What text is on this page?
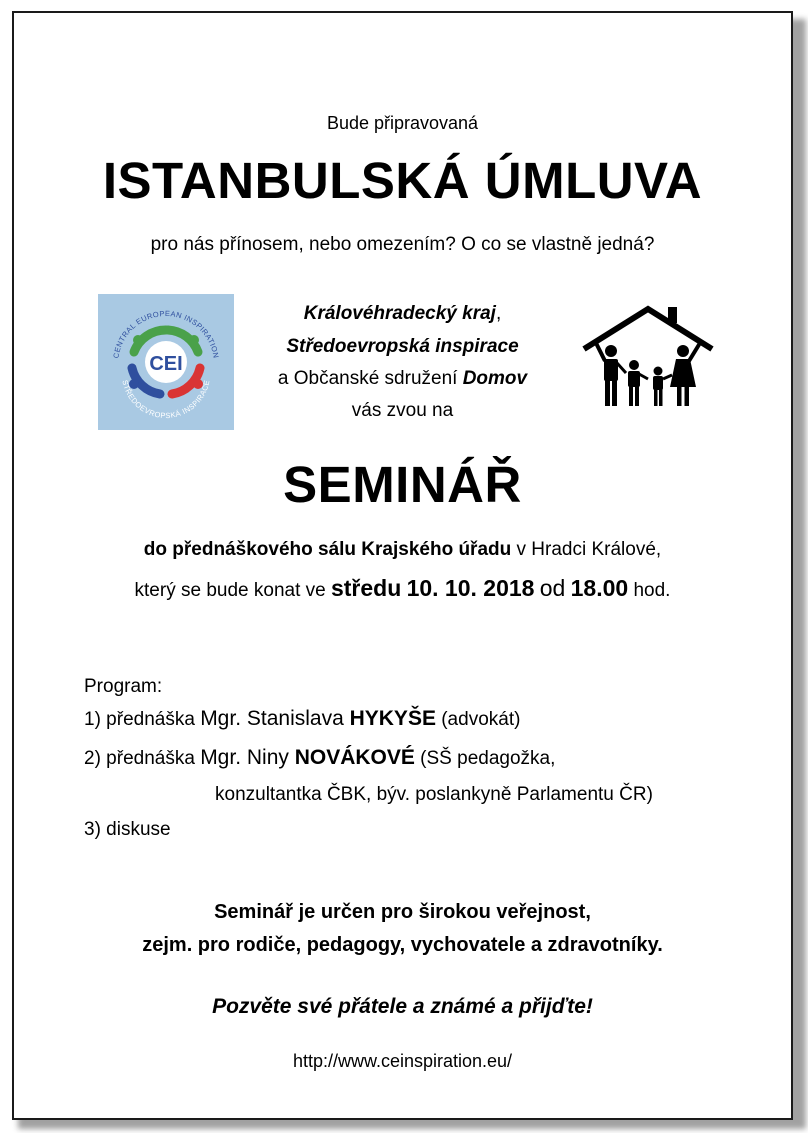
Bude připravovaná
ISTANBULSKÁ ÚMLUVA
pro nás přínosem, nebo omezením? O co se vlastně jedná?
CEI
CENTRAL EUROPEAN INSPIRATION
STŘEDOEVROPSKÁ INSPIRACE
Královéhradecký kraj,
Středoevropská inspirace
a Občanské sdružení Domov
vás zvou na
SEMINÁŘ
do přednáškového sálu Krajského úřadu v Hradci Králové,
který se bude konat ve středu 10. 10. 2018 od 18.00 hod.
Program:
1) přednáška Mgr. Stanislava HYKYŠE (advokát)
2) přednáška Mgr. Niny NOVÁKOVÉ (SŠ pedagožka,
konzultantka ČBK, býv. poslankyně Parlamentu ČR)
3) diskuse
Seminář je určen pro širokou veřejnost,
zejm. pro rodiče, pedagogy, vychovatele a zdravotníky.
Pozvěte své přátele a známé a přijďte!
http://www.ceinspiration.eu/
